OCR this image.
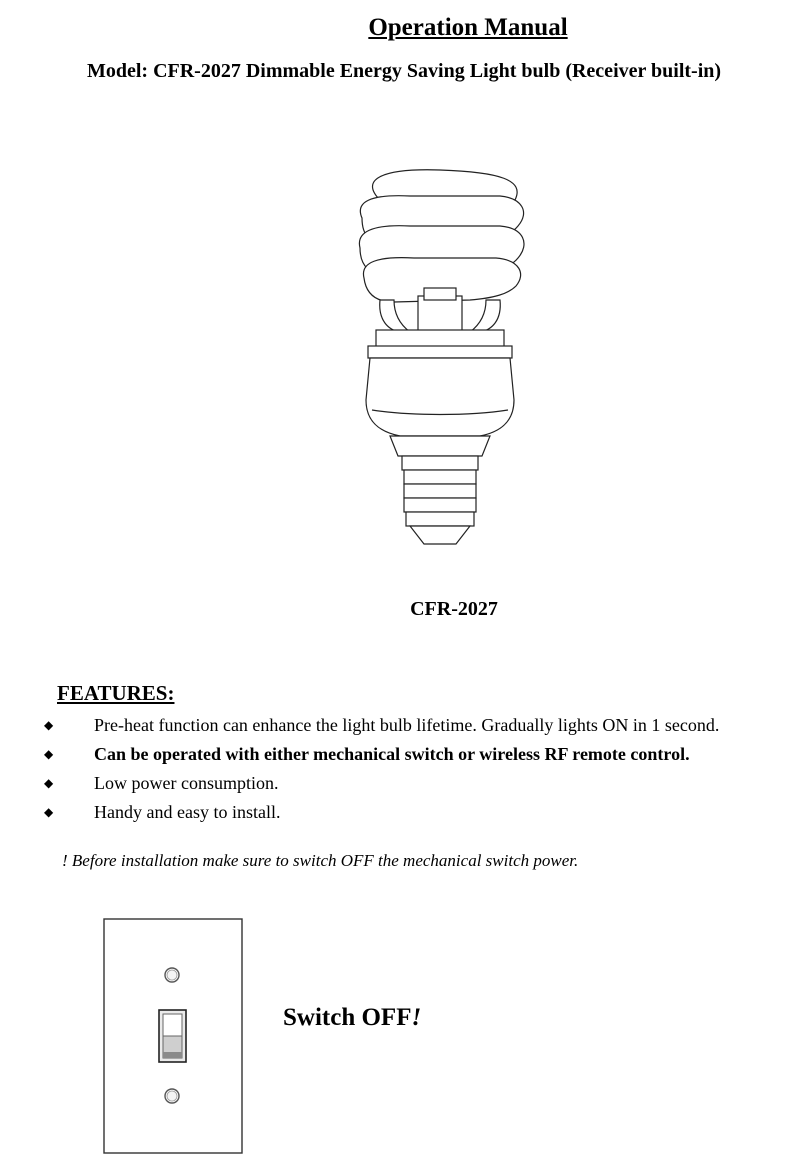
Operation Manual
Model: CFR-2027 Dimmable Energy Saving Light bulb (Receiver built-in)
CFR-2027
FEATURES:
◆	Pre-heat function can enhance the light bulb lifetime. Gradually lights ON in 1 second.
◆	Can be operated with either mechanical switch or wireless RF remote control.
◆	Low power consumption.
◆	Handy and easy to install.
! Before installation make sure to switch OFF the mechanical switch power.
Switch OFF!
